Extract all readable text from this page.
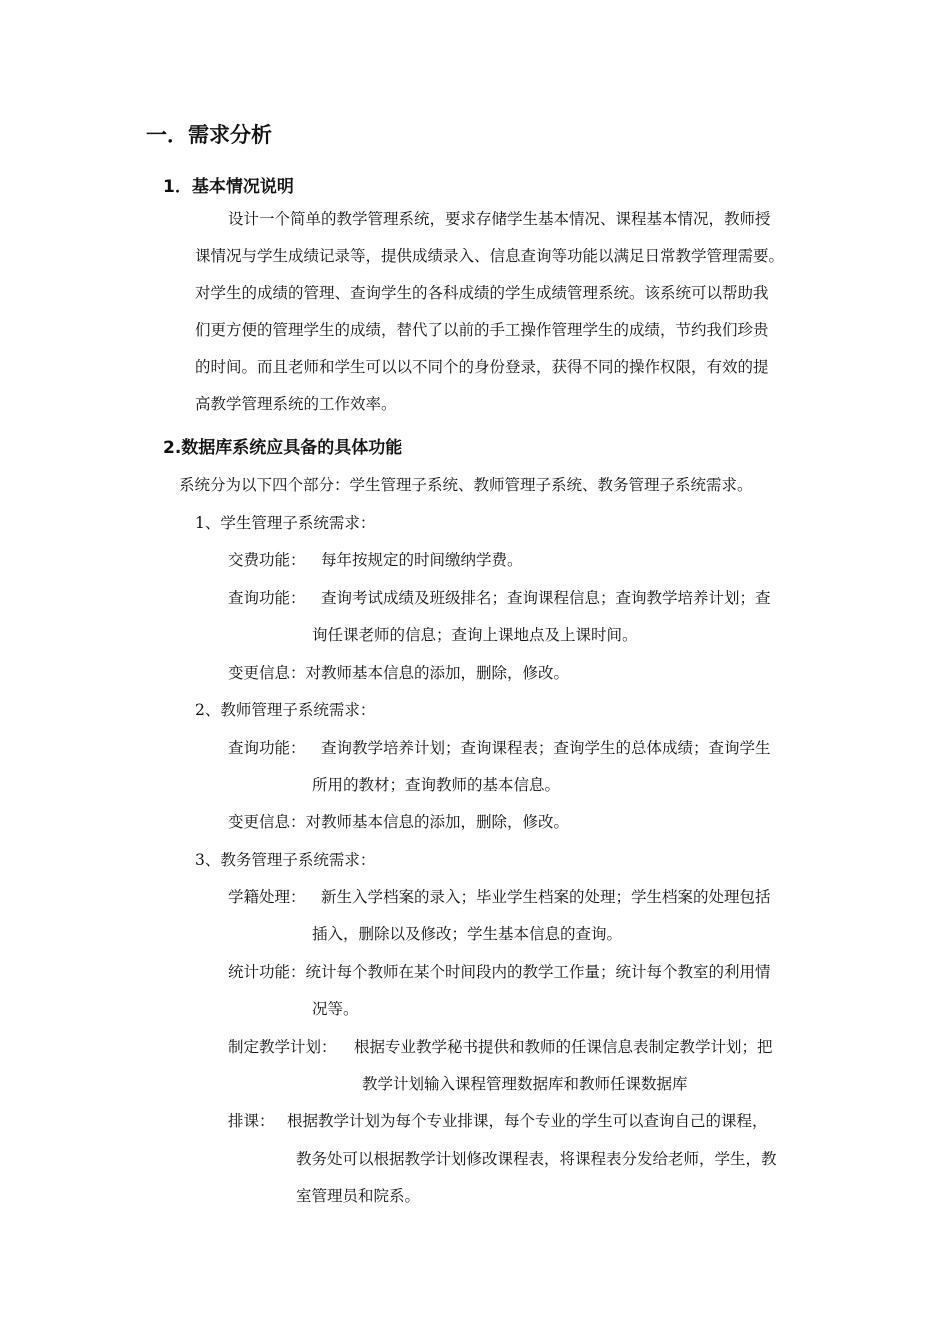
一．需求分析
1．基本情况说明

设计一个简单的教学管理系统，要求存储学生基本情况、课程基本情况，教师授

课情况与学生成绩记录等，提供成绩录入、信息查询等功能以满足日常教学管理需要。

对学生的成绩的管理、查询学生的各科成绩的学生成绩管理系统。该系统可以帮助我

们更方便的管理学生的成绩，替代了以前的手工操作管理学生的成绩，节约我们珍贵

的时间。而且老师和学生可以以不同个的身份登录，获得不同的操作权限，有效的提

高教学管理系统的工作效率。

2.数据库系统应具备的具体功能
系统分为以下四个部分：学生管理子系统、教师管理子系统、教务管理子系统需求。
1、学生管理子系统需求：
交费功能： 每年按规定的时间缴纳学费。
查询功能： 查询考试成绩及班级排名；查询课程信息；查询教学培养计划；查
询任课老师的信息；查询上课地点及上课时间。
变更信息：对教师基本信息的添加，删除，修改。
2、教师管理子系统需求：
查询功能： 查询教学培养计划；查询课程表；查询学生的总体成绩；查询学生
所用的教材；查询教师的基本信息。
变更信息：对教师基本信息的添加，删除，修改。
3、教务管理子系统需求：
学籍处理： 新生入学档案的录入；毕业学生档案的处理；学生档案的处理包括
插入，删除以及修改；学生基本信息的查询。
统计功能：统计每个教师在某个时间段内的教学工作量；统计每个教室的利用情
况等。
制定教学计划： 根据专业教学秘书提供和教师的任课信息表制定教学计划；把
教学计划输入课程管理数据库和教师任课数据库
排课： 根据教学计划为每个专业排课，每个专业的学生可以查询自己的课程，
教务处可以根据教学计划修改课程表，将课程表分发给老师，学生，教
室管理员和院系。
